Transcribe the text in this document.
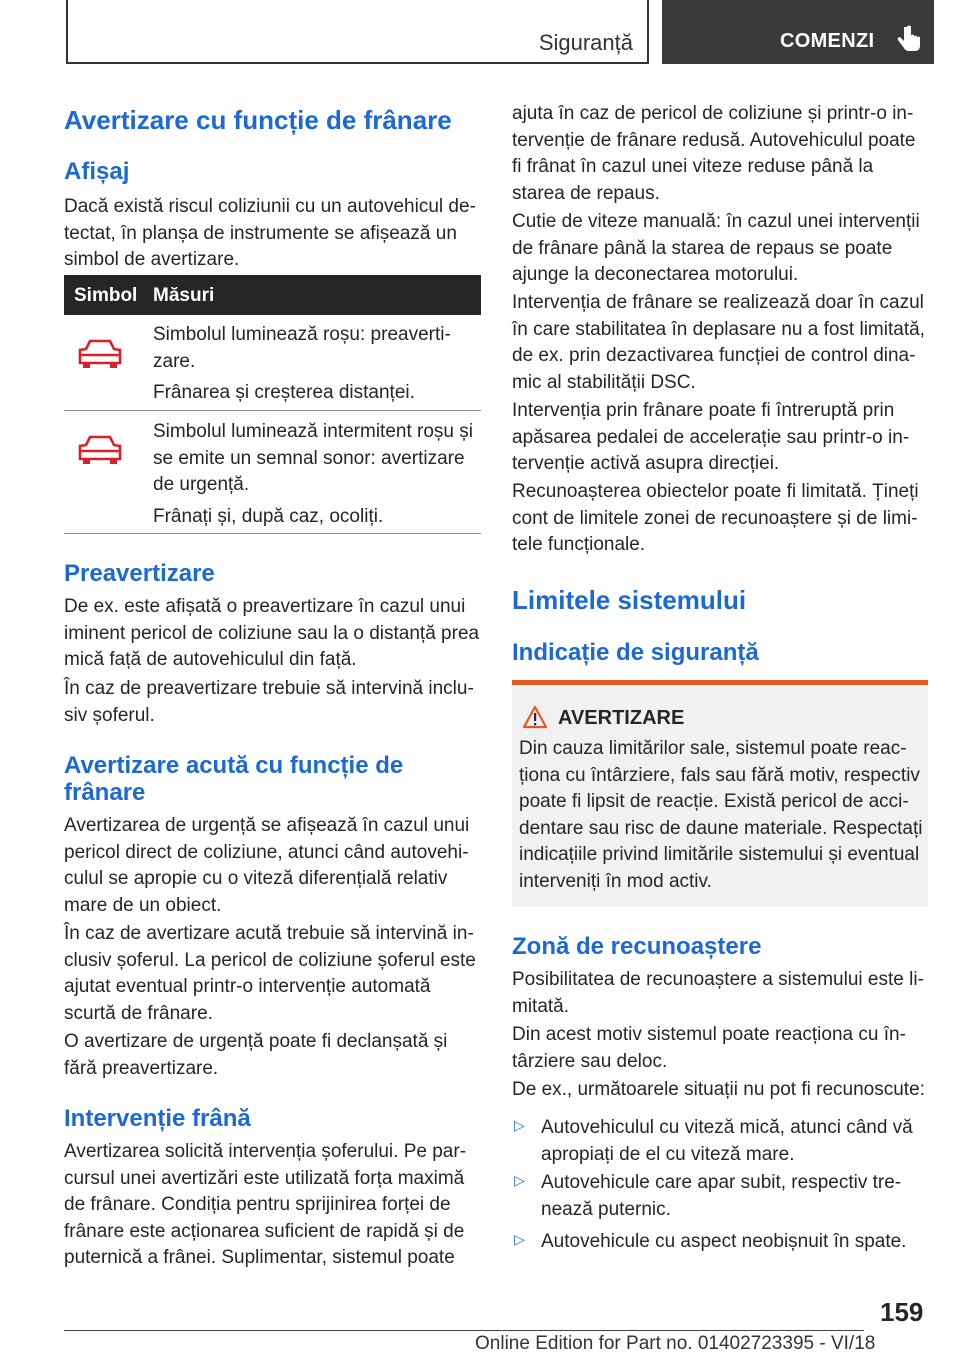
Siguranță	COMENZI
Avertizare cu funcție de frânare
Afișaj

Dacă există riscul coliziunii cu un autovehicul detectat, în planșa de instrumente se afișează un simbol de avertizare.

Simbol Măsuri

Simbolul luminează roșu: preavertizare.

Frânarea și creșterea distanței.

Simbolul luminează intermitent roșu și se emite un semnal sonor: avertizare de urgență.

Frânați și, după caz, ocoliți.

Preavertizare

De ex. este afișată o preavertizare în cazul unui iminent pericol de coliziune sau la o distanță prea mică față de autovehiculul din față.

În caz de preavertizare trebuie să intervină inclusiv șoferul.

Avertizare acută cu funcție de frânare

Avertizarea de urgență se afișează în cazul unui pericol direct de coliziune, atunci când autovehiculul se apropie cu o viteză diferențială relativ mare de un obiect.

În caz de avertizare acută trebuie să intervină inclusiv șoferul. La pericol de coliziune șoferul este ajutat eventual printr-o intervenție automată scurtă de frânare.

O avertizare de urgență poate fi declanșată și fără preavertizare.

Intervenție frână

Avertizarea solicită intervenția șoferului. Pe parcursul unei avertizări este utilizată forța maximă de frânare. Condiția pentru sprijinirea forței de frânare este acționarea suficient de rapidă și de puternică a frânei. Suplimentar, sistemul poate

ajuta în caz de pericol de coliziune și printr-o intervenție de frânare redusă. Autovehiculul poate fi frânat în cazul unei viteze reduse până la starea de repaus.

Cutie de viteze manuală: în cazul unei intervenții de frânare până la starea de repaus se poate ajunge la deconectarea motorului.

Intervenția de frânare se realizează doar în cazul în care stabilitatea în deplasare nu a fost limitată, de ex. prin dezactivarea funcției de control dinamic al stabilității DSC.

Intervenția prin frânare poate fi întreruptă prin apăsarea pedalei de accelerație sau printr-o intervenție activă asupra direcției.

Recunoașterea obiectelor poate fi limitată. Țineți cont de limitele zonei de recunoaștere și de limitele funcționale.

Limitele sistemului
Indicație de siguranță
AVERTIZARE

Din cauza limitărilor sale, sistemul poate reacționa cu întârziere, fals sau fără motiv, respectiv poate fi lipsit de reacție. Există pericol de accidentare sau risc de daune materiale. Respectați indicațiile privind limitările sistemului și eventual interveniți în mod activ.

Zonă de recunoaștere

Posibilitatea de recunoaștere a sistemului este limitată.

Din acest motiv sistemul poate reacționa cu întârziere sau deloc.

De ex., următoarele situații nu pot fi recunoscute:

▷ Autovehiculul cu viteză mică, atunci când vă apropiați de el cu viteză mare.

▷ Autovehicule care apar subit, respectiv trenează puternic.

▷ Autovehicule cu aspect neobișnuit în spate.

159
Online Edition for Part no. 01402723395 - VI/18
